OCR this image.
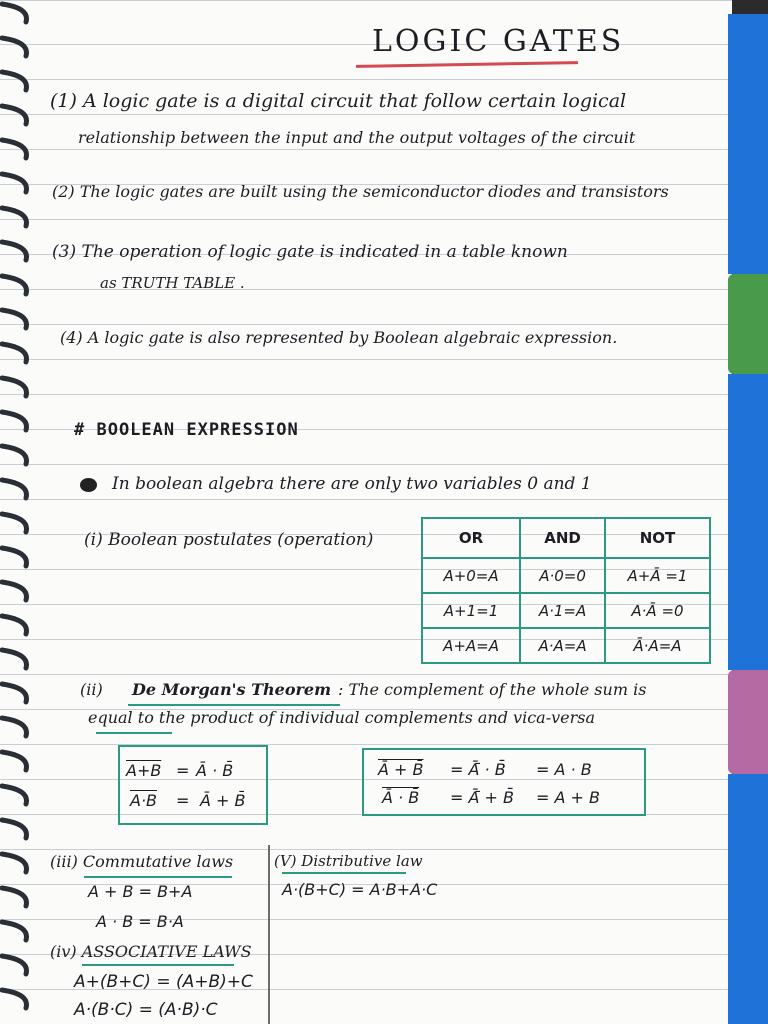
LOGIC GATES
(1) A logic gate is a digital circuit that follow certain logical
relationship between the input and the output voltages of the circuit
(2) The logic gates are built using the semiconductor diodes and transistors
(3) The operation of logic gate is indicated in a table known
as TRUTH TABLE .
(4) A logic gate is also represented by Boolean algebraic expression.
# BOOLEAN EXPRESSION
In boolean algebra there are only two variables 0 and 1
(i) Boolean postulates (operation)	OR	AND	NOT
A+0=A	A·0=0	A+Ā =1
A+1=1	A·1=A	A·Ā =0
A+A=A	A·A=A	Ā·A=A
(ii) De Morgan's Theorem : The complement of the whole sum is
equal to the product of individual complements and vica-versa
A+B = Ā · B̄
A·B = Ā + B̄
Ā + B̄ = Ā̄ · B̄̄ = A · B
Ā · B̄ = Ā̄ + B̄̄ = A + B
(iii) Commutative laws
A + B = B+A
A · B = B·A
(iv) ASSOCIATIVE LAWS
A+(B+C) = (A+B)+C
A·(B·C) = (A·B)·C
(V) Distributive law
A·(B+C) = A·B+A·C
